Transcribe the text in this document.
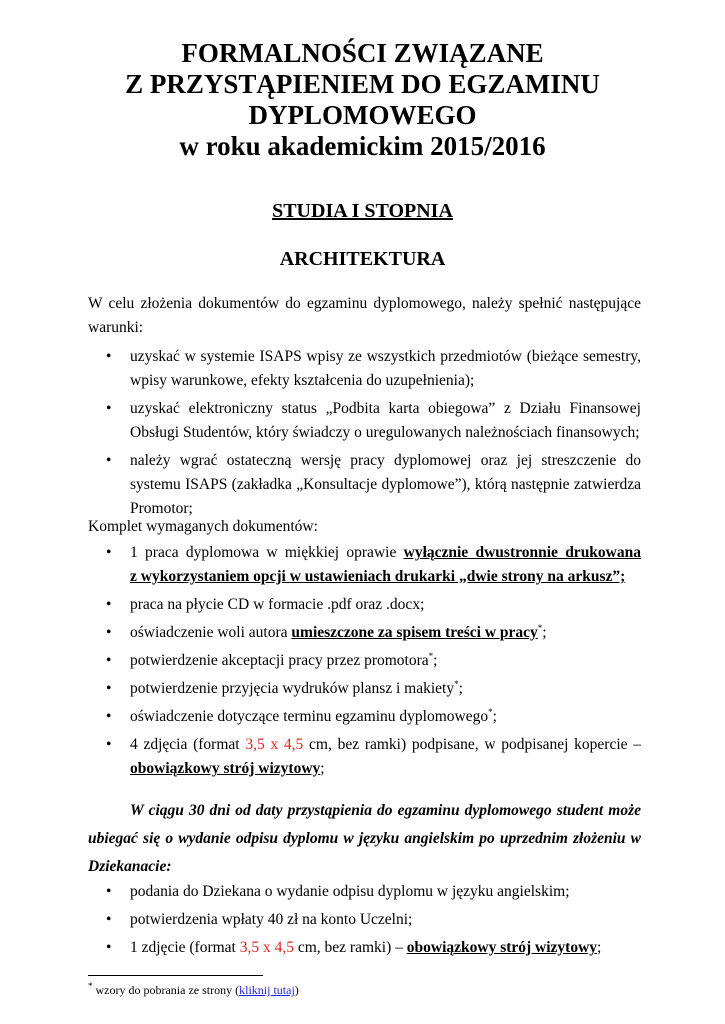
FORMALNOŚCI ZWIĄZANE
Z PRZYSTĄPIENIEM DO EGZAMINU
DYPLOMOWEGO
w roku akademickim 2015/2016
STUDIA I STOPNIA
ARCHITEKTURA
W celu złożenia dokumentów do egzaminu dyplomowego, należy spełnić następujące warunki:
• uzyskać w systemie ISAPS wpisy ze wszystkich przedmiotów (bieżące semestry, wpisy warunkowe, efekty kształcenia do uzupełnienia);
• uzyskać elektroniczny status „Podbita karta obiegowa” z Działu Finansowej Obsługi Studentów, który świadczy o uregulowanych należnościach finansowych;
• należy wgrać ostateczną wersję pracy dyplomowej oraz jej streszczenie do systemu ISAPS (zakładka „Konsultacje dyplomowe”), którą następnie zatwierdza Promotor;
Komplet wymaganych dokumentów:
• 1 praca dyplomowa w miękkiej oprawie wyłącznie dwustronnie drukowana
z wykorzystaniem opcji w ustawieniach drukarki „dwie strony na arkusz”;
• praca na płycie CD w formacie .pdf oraz .docx;
• oświadczenie woli autora umieszczone za spisem treści w pracy*;
• potwierdzenie akceptacji pracy przez promotora*;
• potwierdzenie przyjęcia wydruków plansz i makiety*;
• oświadczenie dotyczące terminu egzaminu dyplomowego*;
• 4 zdjęcia (format 3,5 x 4,5 cm, bez ramki) podpisane, w podpisanej kopercie –
obowiązkowy strój wizytowy;
W ciągu 30 dni od daty przystąpienia do egzaminu dyplomowego student może ubiegać się o wydanie odpisu dyplomu w języku angielskim po uprzednim złożeniu w Dziekanacie:
• podania do Dziekana o wydanie odpisu dyplomu w języku angielskim;
• potwierdzenia wpłaty 40 zł na konto Uczelni;
• 1 zdjęcie (format 3,5 x 4,5 cm, bez ramki) – obowiązkowy strój wizytowy;
* wzory do pobrania ze strony (kliknij tutaj)
